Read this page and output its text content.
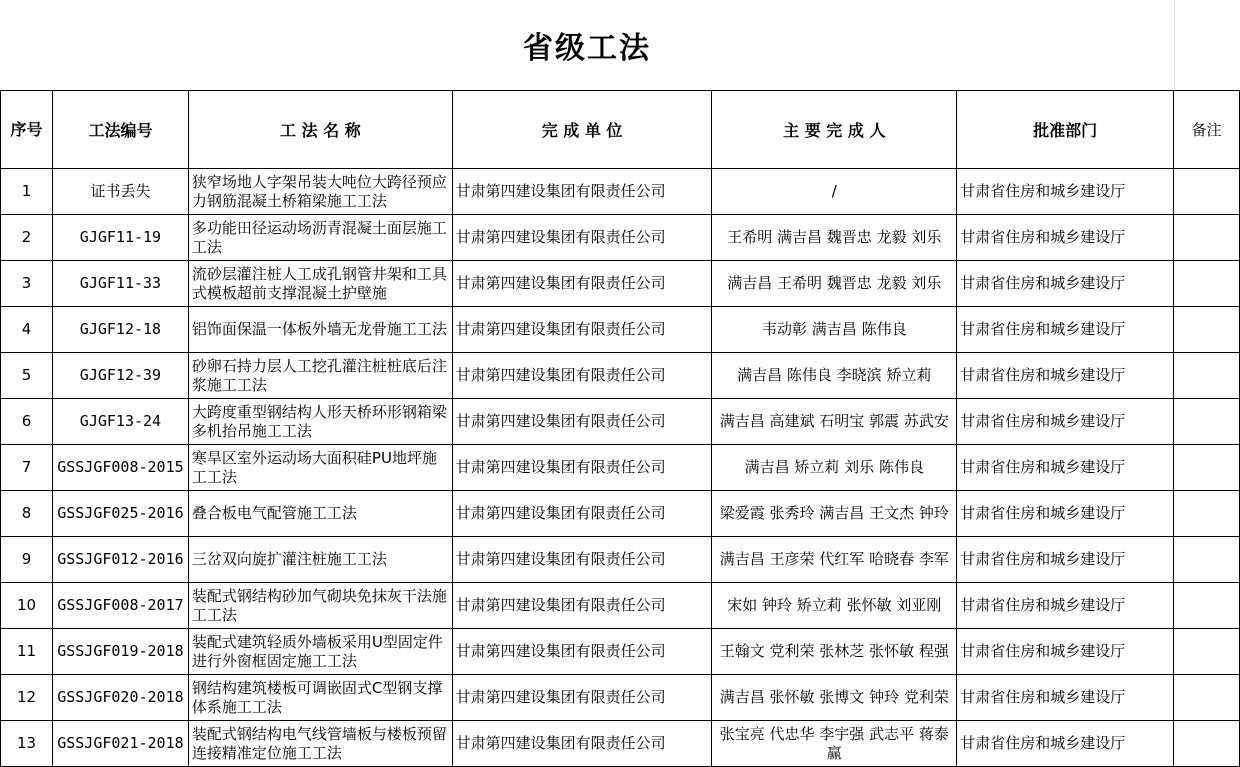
省级工法
序号	工法编号	工 法 名 称	完 成 单 位	主 要 完 成 人	批准部门	备注
1	证书丢失	狭窄场地人字架吊装大吨位大跨径预应力钢筋混凝土桥箱梁施工工法	甘肃第四建设集团有限责任公司	/	甘肃省住房和城乡建设厅	
2	GJGF11-19	多功能田径运动场沥青混凝土面层施工工法	甘肃第四建设集团有限责任公司	王希明 满吉昌 魏晋忠 龙毅 刘乐	甘肃省住房和城乡建设厅	
3	GJGF11-33	流砂层灌注桩人工成孔钢管井架和工具式模板超前支撑混凝土护壁施	甘肃第四建设集团有限责任公司	满吉昌 王希明 魏晋忠 龙毅 刘乐	甘肃省住房和城乡建设厅	
4	GJGF12-18	铝饰面保温一体板外墙无龙骨施工工法	甘肃第四建设集团有限责任公司	韦动彰 满吉昌 陈伟良	甘肃省住房和城乡建设厅	
5	GJGF12-39	砂卵石持力层人工挖孔灌注桩桩底后注浆施工工法	甘肃第四建设集团有限责任公司	满吉昌 陈伟良 李晓滨 矫立莉	甘肃省住房和城乡建设厅	
6	GJGF13-24	大跨度重型钢结构人形天桥环形钢箱梁多机抬吊施工工法	甘肃第四建设集团有限责任公司	满吉昌 高建斌 石明宝 郭震 苏武安	甘肃省住房和城乡建设厅	
7	GSSJGF008-2015	寒旱区室外运动场大面积硅PU地坪施工工法	甘肃第四建设集团有限责任公司	满吉昌 矫立莉 刘乐 陈伟良	甘肃省住房和城乡建设厅	
8	GSSJGF025-2016	叠合板电气配管施工工法	甘肃第四建设集团有限责任公司	梁爱霞 张秀玲 满吉昌 王文杰 钟玲	甘肃省住房和城乡建设厅	
9	GSSJGF012-2016	三岔双向旋扩灌注桩施工工法	甘肃第四建设集团有限责任公司	满吉昌 王彦荣 代红军 哈晓春 李军	甘肃省住房和城乡建设厅	
10	GSSJGF008-2017	装配式钢结构砂加气砌块免抹灰干法施工工法	甘肃第四建设集团有限责任公司	宋如 钟玲 矫立莉 张怀敏 刘亚刚	甘肃省住房和城乡建设厅	
11	GSSJGF019-2018	装配式建筑轻质外墙板采用U型固定件进行外窗框固定施工工法	甘肃第四建设集团有限责任公司	王翰文 党利荣 张林芝 张怀敏 程强	甘肃省住房和城乡建设厅	
12	GSSJGF020-2018	钢结构建筑楼板可调嵌固式C型钢支撑体系施工工法	甘肃第四建设集团有限责任公司	满吉昌 张怀敏 张博文 钟玲 党利荣	甘肃省住房和城乡建设厅	
13	GSSJGF021-2018	装配式钢结构电气线管墙板与楼板预留连接精准定位施工工法	甘肃第四建设集团有限责任公司	张宝亮 代忠华 李宇强 武志平 蒋泰赢	甘肃省住房和城乡建设厅	
